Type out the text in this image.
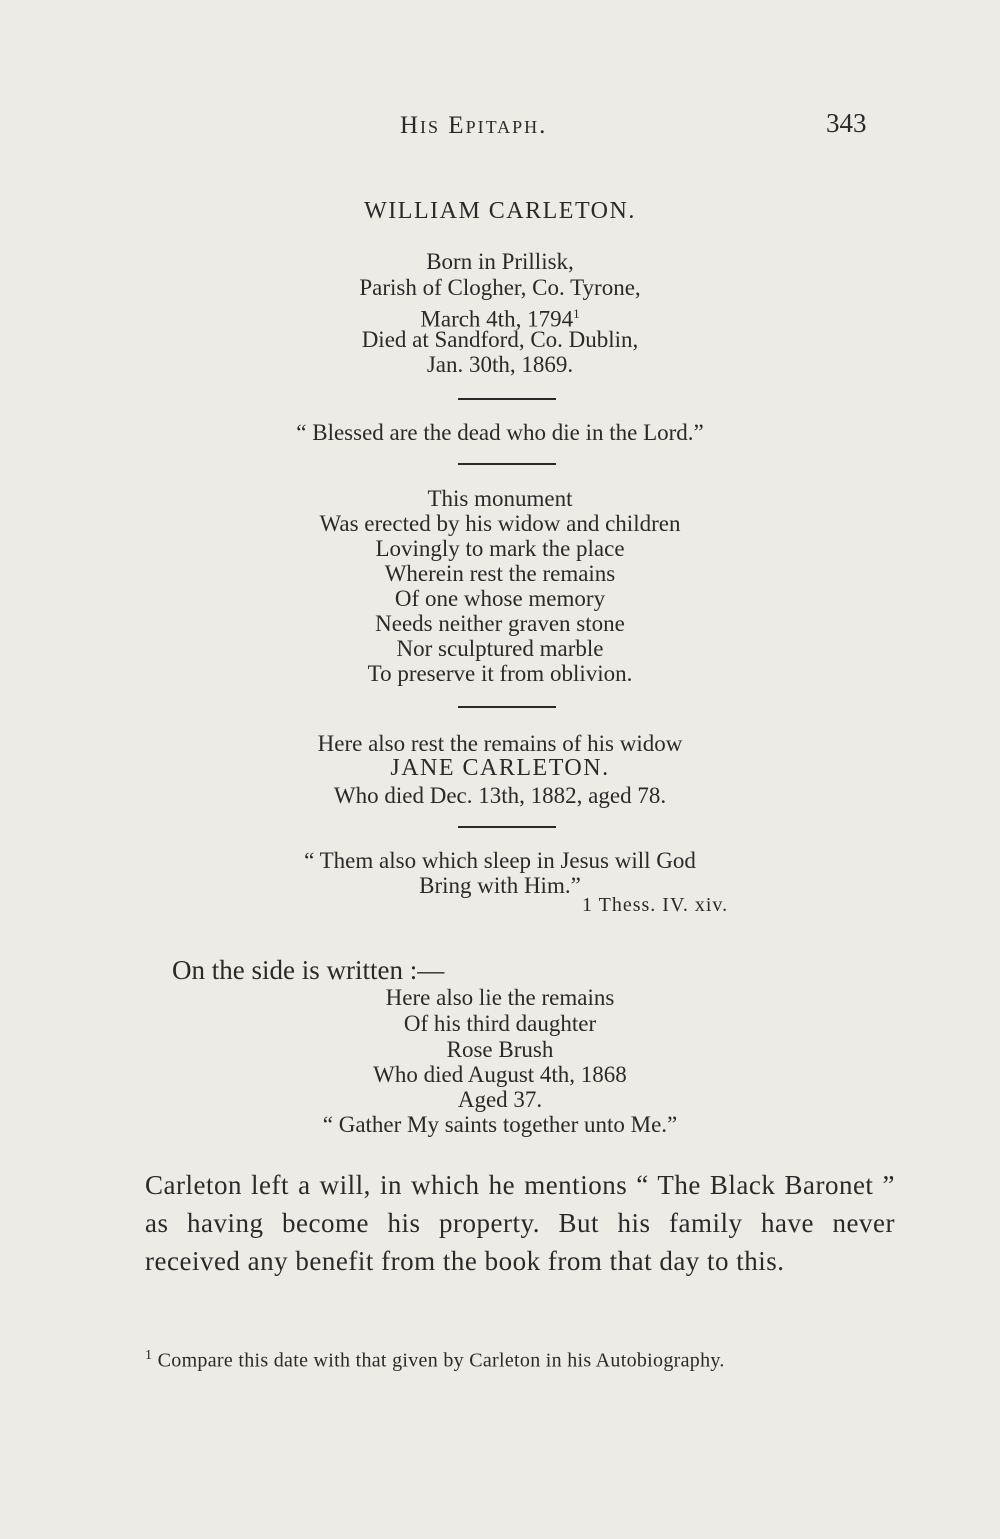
His Epitaph.	343
WILLIAM CARLETON.
Born in Prillisk,
Parish of Clogher, Co. Tyrone,
March 4th, 1794$^1$
Died at Sandford, Co. Dublin,
Jan. 30th, 1869.
“ Blessed are the dead who die in the Lord.”
This monument
Was erected by his widow and children
Lovingly to mark the place
Wherein rest the remains
Of one whose memory
Needs neither graven stone
Nor sculptured marble
To preserve it from oblivion.
Here also rest the remains of his widow
JANE CARLETON.
Who died Dec. 13th, 1882, aged 78.
“ Them also which sleep in Jesus will God
Bring with Him.”
1 Thess. IV. xiv.
On the side is written :—
Here also lie the remains
Of his third daughter
Rose Brush
Who died August 4th, 1868
Aged 37.
“ Gather My saints together unto Me.”
Carleton left a will, in which he mentions “ The Black Baronet ” as having become his property. But his family have never received any benefit from the book from that day to this.
$^1$ Compare this date with that given by Carleton in his Autobiography.
